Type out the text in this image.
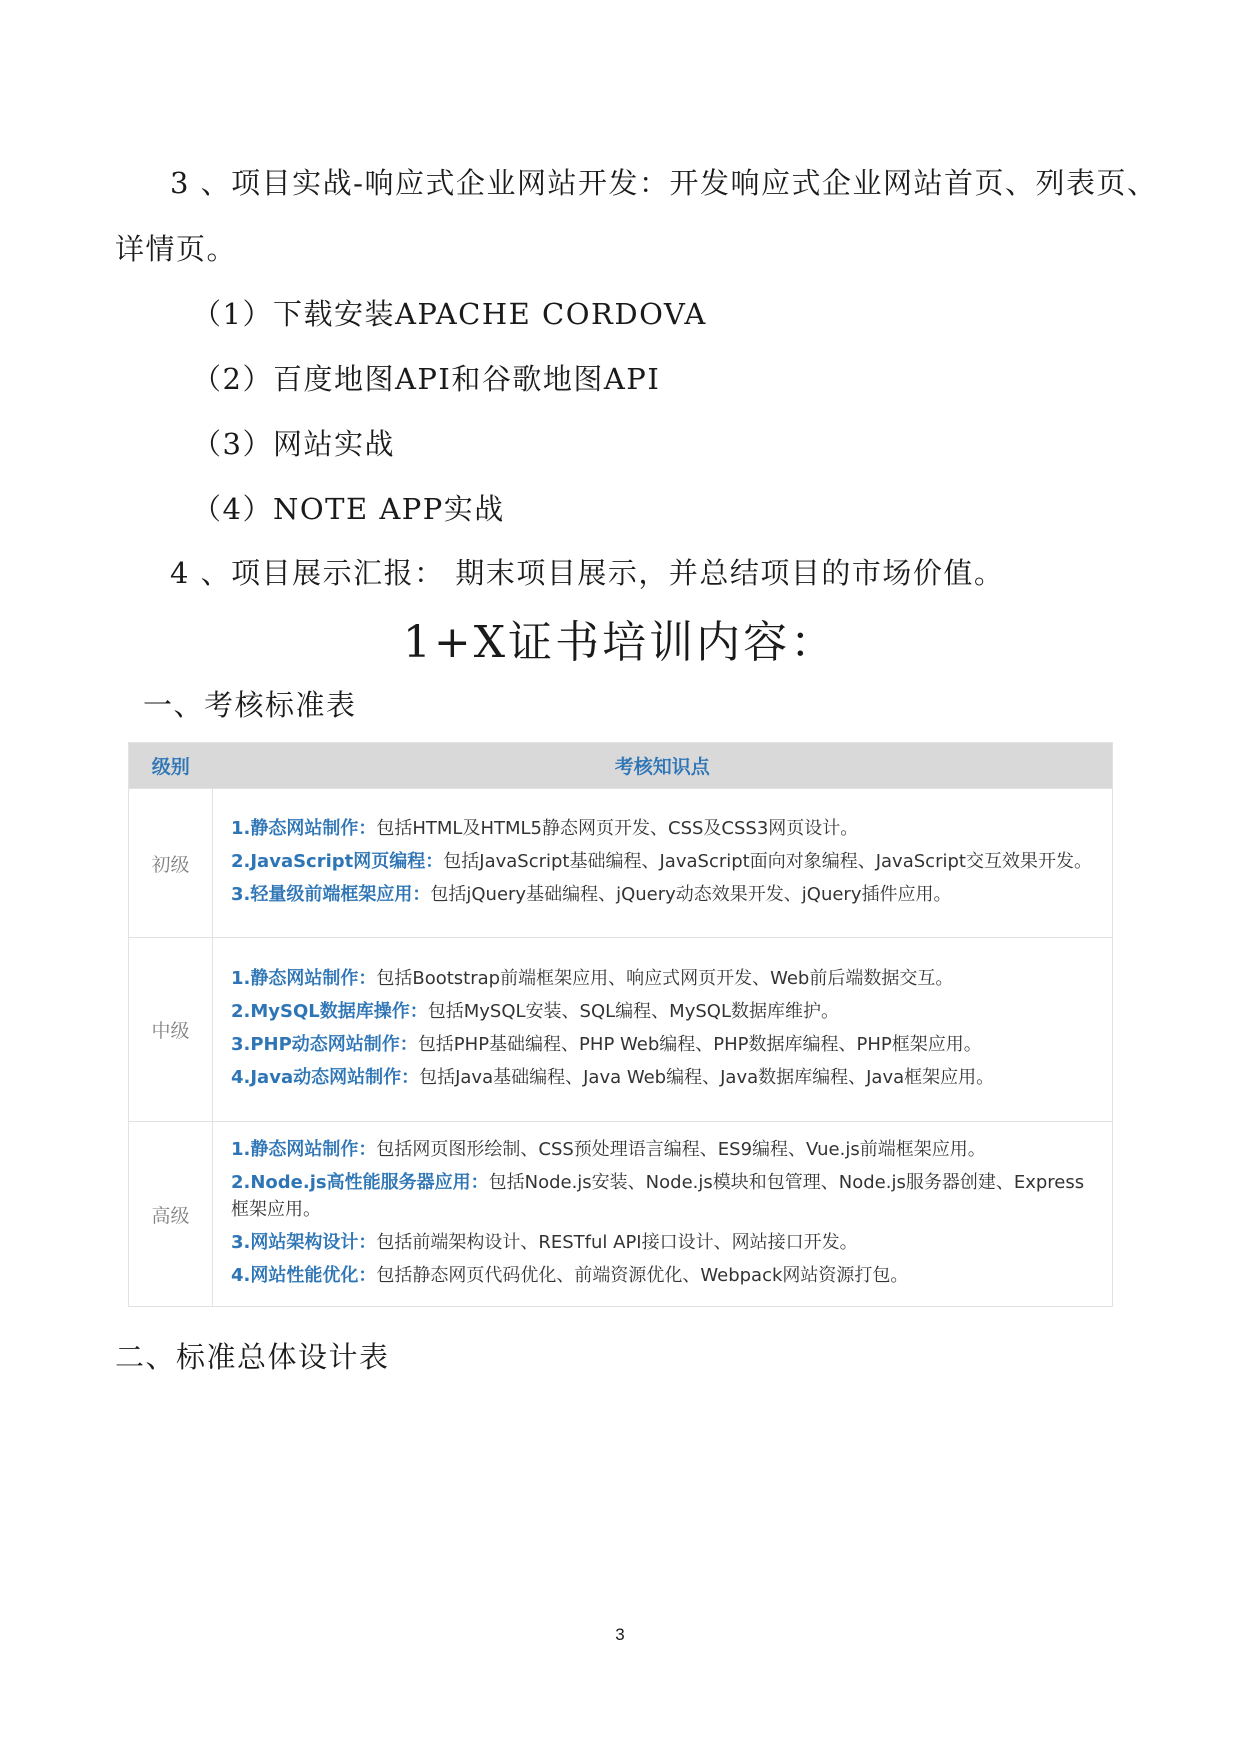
3 、项目实战-响应式企业网站开发：开发响应式企业网站首页、列表页、
详情页。
（1）下载安装APACHE CORDOVA
（2）百度地图API和谷歌地图API
（3）网站实战
（4）NOTE APP实战
4 、项目展示汇报： 期末项目展示，并总结项目的市场价值。
1+X证书培训内容：
一、考核标准表
级别	考核知识点
初级	1.静态网站制作：包括HTML及HTML5静态网页开发、CSS及CSS3网页设计。
2.JavaScript网页编程：包括JavaScript基础编程、JavaScript面向对象编程、JavaScript交互效果开发。
3.轻量级前端框架应用：包括jQuery基础编程、jQuery动态效果开发、jQuery插件应用。

中级	1.静态网站制作：包括Bootstrap前端框架应用、响应式网页开发、Web前后端数据交互。
2.MySQL数据库操作：包括MySQL安装、SQL编程、MySQL数据库维护。
3.PHP动态网站制作：包括PHP基础编程、PHP Web编程、PHP数据库编程、PHP框架应用。
4.Java动态网站制作：包括Java基础编程、Java Web编程、Java数据库编程、Java框架应用。

高级	1.静态网站制作：包括网页图形绘制、CSS预处理语言编程、ES9编程、Vue.js前端框架应用。
2.Node.js高性能服务器应用：包括Node.js安装、Node.js模块和包管理、Node.js服务器创建、Express框架应用。
3.网站架构设计：包括前端架构设计、RESTful API接口设计、网站接口开发。
4.网站性能优化：包括静态网页代码优化、前端资源优化、Webpack网站资源打包。
二、标准总体设计表
3
